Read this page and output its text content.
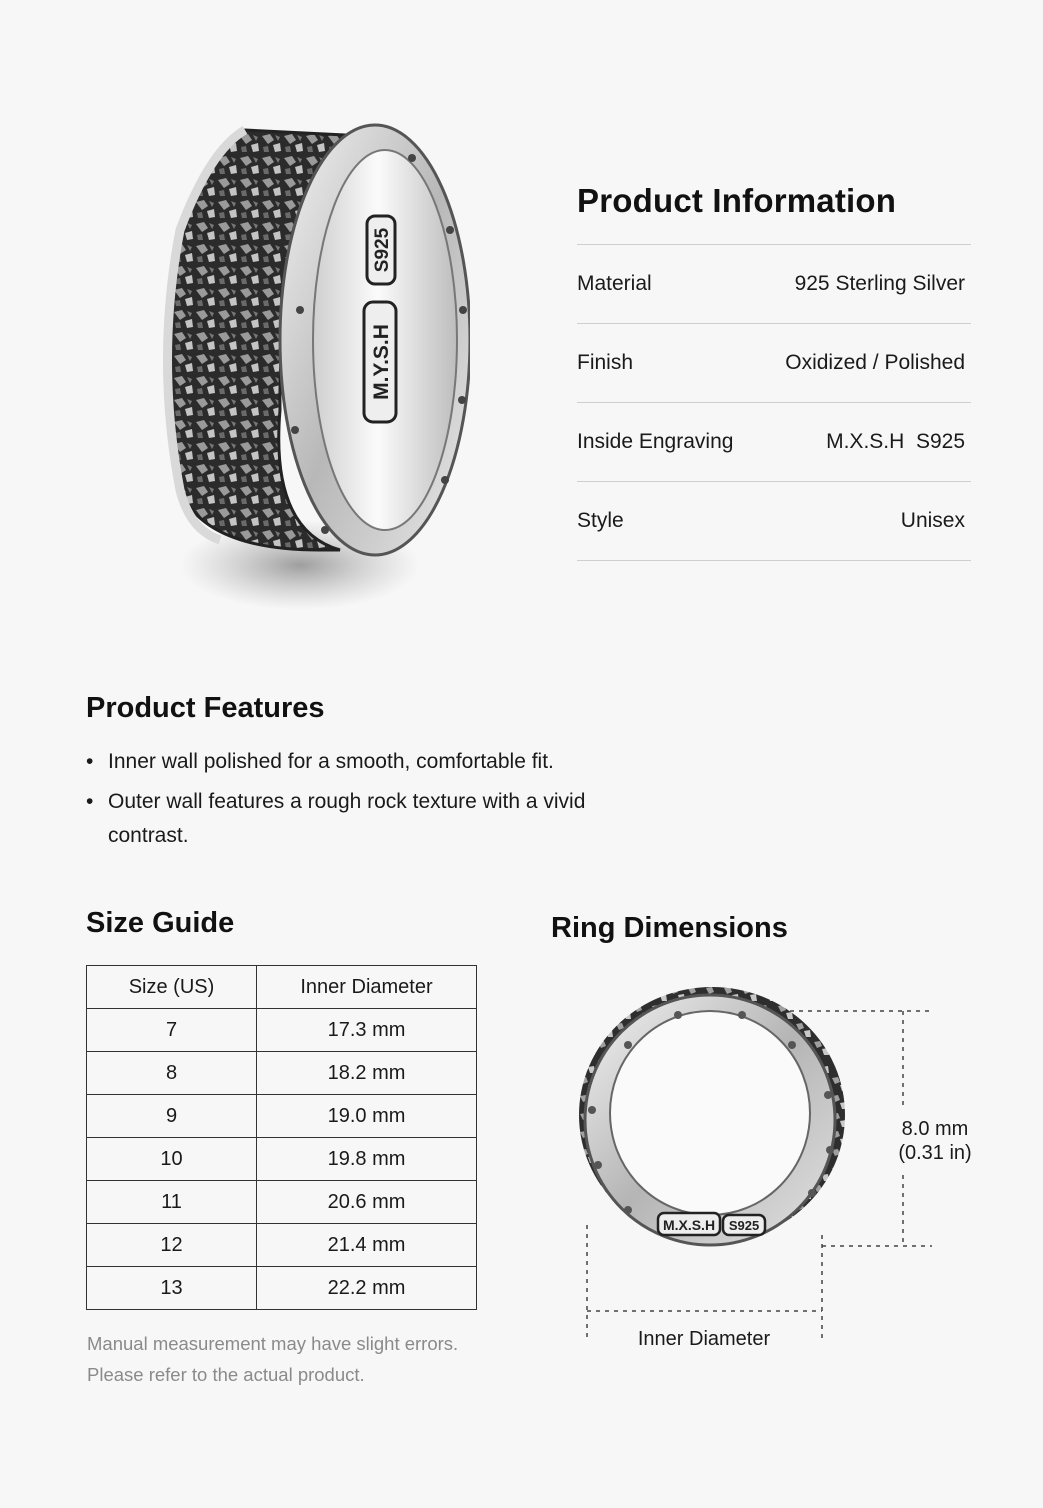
S925
M.Y.S.H
Product Information
Material	925 Sterling Silver
Finish	Oxidized / Polished
Inside Engraving	M.X.S.H  S925
Style	Unisex
Product Features
• Inner wall polished for a smooth, comfortable fit.
• Outer wall features a rough rock texture with a vivid contrast.
Size Guide
Size (US)	Inner Diameter
7	17.3 mm
8	18.2 mm
9	19.0 mm
10	19.8 mm
11	20.6 mm
12	21.4 mm
13	22.2 mm
Manual measurement may have slight errors.
Please refer to the actual product.
Ring Dimensions
M.X.S.H S925
8.0 mm
(0.31 in)
Inner Diameter
